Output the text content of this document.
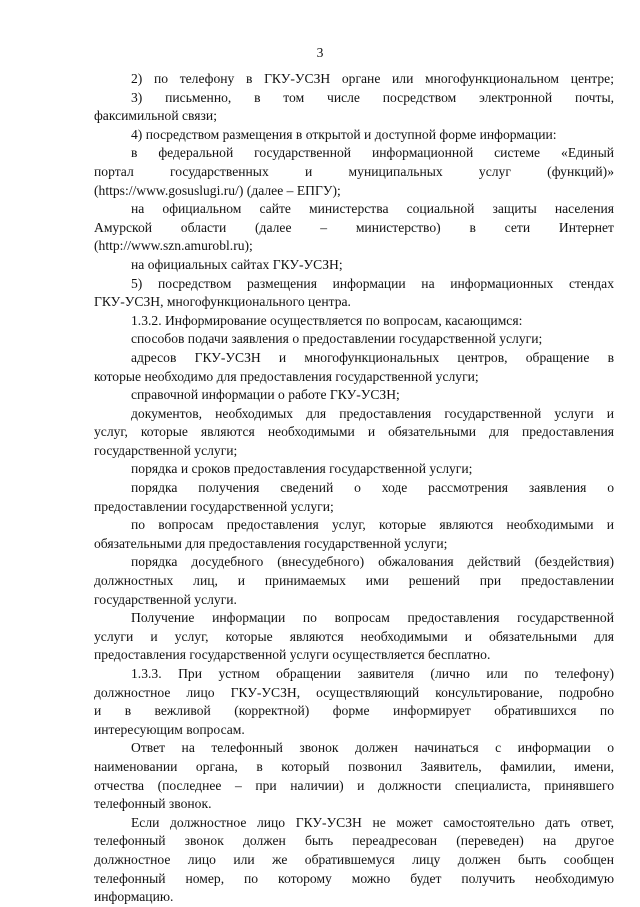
3

2) по телефону в ГКУ-УСЗН органе или многофункциональном центре;

3) письменно, в том числе посредством электронной почты,

факсимильной связи;

4) посредством размещения в открытой и доступной форме информации:

в федеральной государственной информационной системе «Единый

портал государственных и муниципальных услуг (функций)»

(https://www.gosuslugi.ru/) (далее – ЕПГУ);

на официальном сайте министерства социальной защиты населения

Амурской области (далее – министерство) в сети Интернет

(http://www.szn.amurobl.ru);

на официальных сайтах ГКУ-УСЗН;

5) посредством размещения информации на информационных стендах

ГКУ-УСЗН, многофункционального центра.

1.3.2. Информирование осуществляется по вопросам, касающимся:

способов подачи заявления о предоставлении государственной услуги;

адресов ГКУ-УСЗН и многофункциональных центров, обращение в

которые необходимо для предоставления государственной услуги;

справочной информации о работе ГКУ-УСЗН;

документов, необходимых для предоставления государственной услуги и

услуг, которые являются необходимыми и обязательными для предоставления

государственной услуги;

порядка и сроков предоставления государственной услуги;

порядка получения сведений о ходе рассмотрения заявления о

предоставлении государственной услуги;

по вопросам предоставления услуг, которые являются необходимыми и

обязательными для предоставления государственной услуги;

порядка досудебного (внесудебного) обжалования действий (бездействия)

должностных лиц, и принимаемых ими решений при предоставлении

государственной услуги.

Получение информации по вопросам предоставления государственной

услуги и услуг, которые являются необходимыми и обязательными для

предоставления государственной услуги осуществляется бесплатно.

1.3.3. При устном обращении заявителя (лично или по телефону)

должностное лицо ГКУ-УСЗН, осуществляющий консультирование, подробно

и в вежливой (корректной) форме информирует обратившихся по

интересующим вопросам.

Ответ на телефонный звонок должен начинаться с информации о

наименовании органа, в который позвонил Заявитель, фамилии, имени,

отчества (последнее – при наличии) и должности специалиста, принявшего

телефонный звонок.

Если должностное лицо ГКУ-УСЗН не может самостоятельно дать ответ,

телефонный звонок должен быть переадресован (переведен) на другое

должностное лицо или же обратившемуся лицу должен быть сообщен

телефонный номер, по которому можно будет получить необходимую

информацию.
